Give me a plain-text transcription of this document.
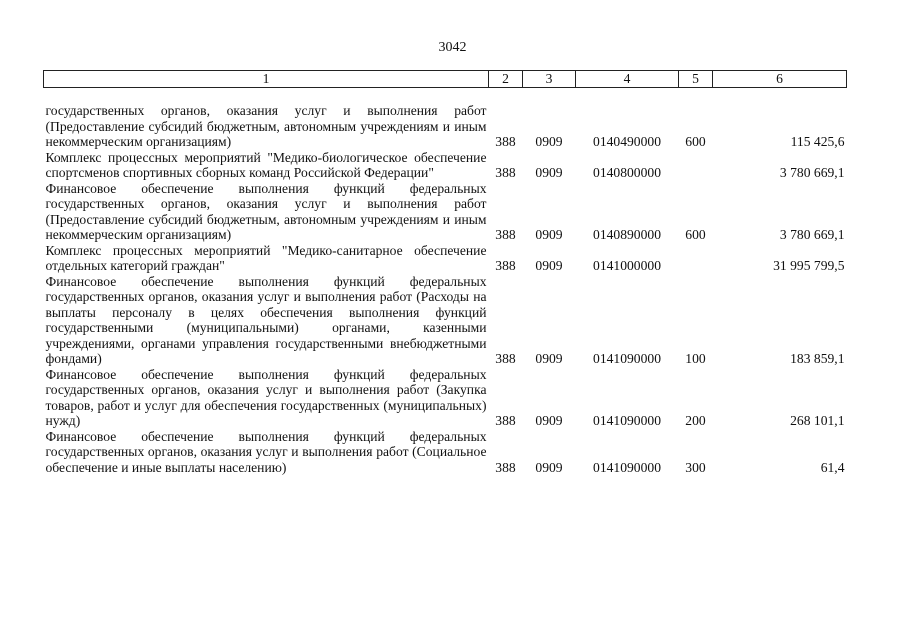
3042
1	2	3	4	5	6
государственных органов, оказания услуг и выполнения работ (Предоставление субсидий бюджетным, автономным учреждениям и иным некоммерческим организациям)	388	0909	0140490000	600	115 425,6
Комплекс процессных мероприятий "Медико-биологическое обеспечение спортсменов спортивных сборных команд Российской Федерации"	388	0909	0140800000		3 780 669,1
Финансовое обеспечение выполнения функций федеральных государственных органов, оказания услуг и выполнения работ (Предоставление субсидий бюджетным, автономным учреждениям и иным некоммерческим организациям)	388	0909	0140890000	600	3 780 669,1
Комплекс процессных мероприятий "Медико-санитарное обеспечение отдельных категорий граждан"	388	0909	0141000000		31 995 799,5
Финансовое обеспечение выполнения функций федеральных государственных органов, оказания услуг и выполнения работ (Расходы на выплаты персоналу в целях обеспечения выполнения функций государственными (муниципальными) органами, казенными учреждениями, органами управления государственными внебюджетными фондами)	388	0909	0141090000	100	183 859,1
Финансовое обеспечение выполнения функций федеральных государственных органов, оказания услуг и выполнения работ (Закупка товаров, работ и услуг для обеспечения государственных (муниципальных) нужд)	388	0909	0141090000	200	268 101,1
Финансовое обеспечение выполнения функций федеральных государственных органов, оказания услуг и выполнения работ (Социальное обеспечение и иные выплаты населению)	388	0909	0141090000	300	61,4
